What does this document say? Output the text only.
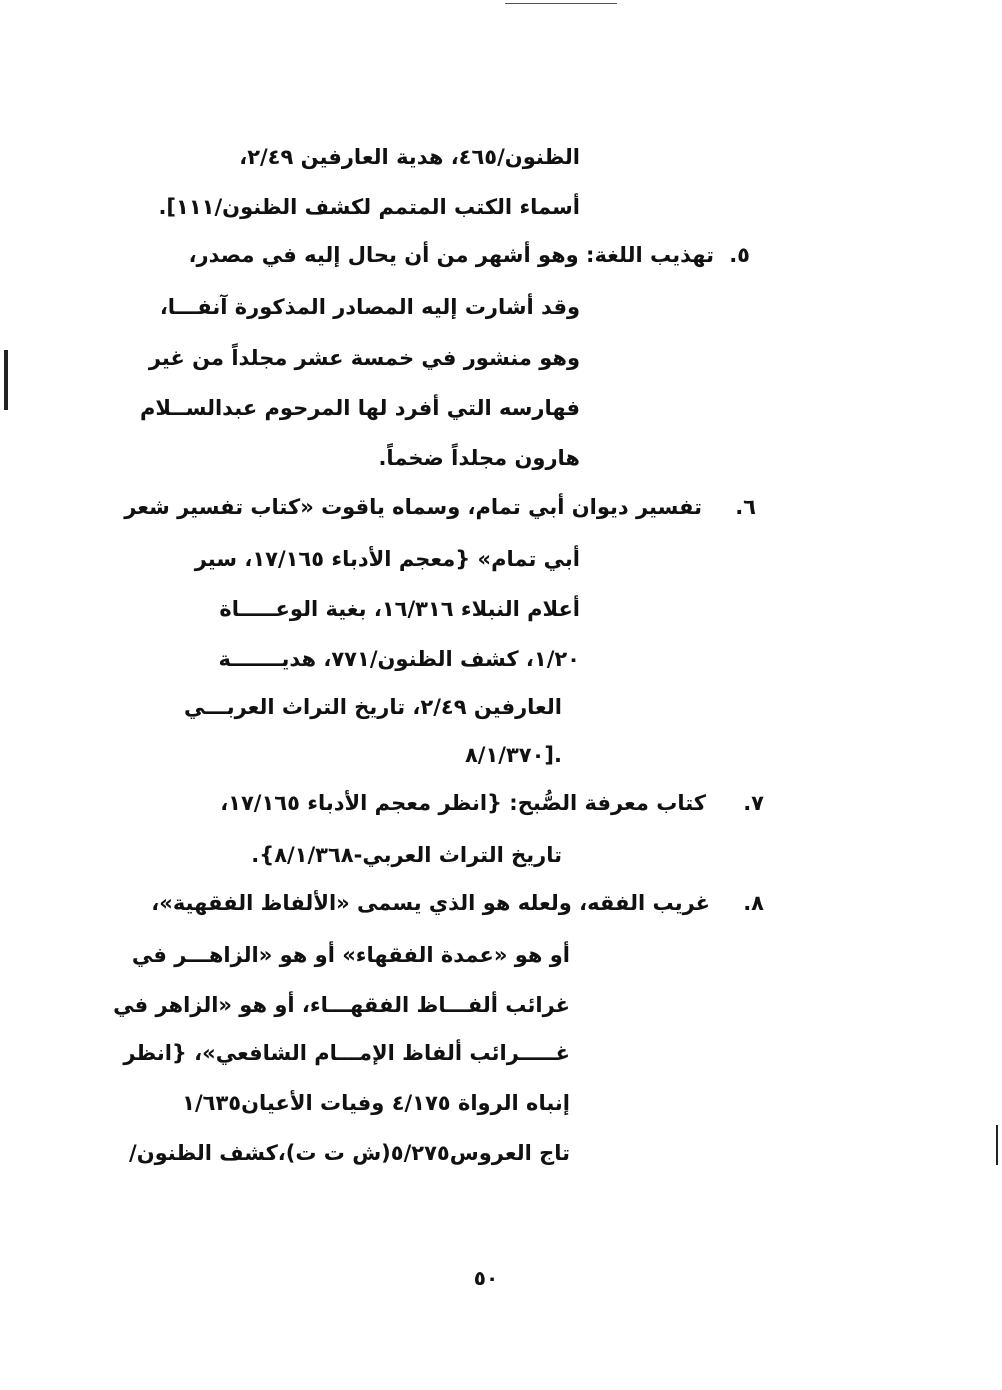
الظنون/٤٦٥، هدية العارفين ٢/٤٩،
أسماء الكتب المتمم لكشف الظنون/١١١].
٥.
تهذيب اللغة: وهو أشهر من أن يحال إليه في مصدر،
وقد أشارت إليه المصادر المذكورة آنفـــا،
وهو منشور في خمسة عشر مجلداً من غير
فهارسه التي أفرد لها المرحوم عبدالســلام
هارون مجلداً ضخماً.
٦.
تفسير ديوان أبي تمام، وسماه ياقوت «كتاب تفسير شعر
أبي تمام» {معجم الأدباء ١٧/١٦٥، سير
أعلام النبلاء ١٦/٣١٦، بغية الوعـــــاة
١/٢٠، كشف الظنون/٧٧١، هديـــــــة
العارفين ٢/٤٩، تاريخ التراث العربـــي
٨/١/٣٧٠].
٧.
كتاب معرفة الصُّبح: {انظر معجم الأدباء ١٧/١٦٥،
تاريخ التراث العربي-٨/١/٣٦٨}.
٨.
غريب الفقه، ولعله هو الذي يسمى «الألفاظ الفقهية»،
أو هو «عمدة الفقهاء» أو هو «الزاهـــر في
غرائب ألفـــاظ الفقهـــاء، أو هو «الزاهر في
غـــــرائب ألفاظ الإمـــام الشافعي»، {انظر
إنباه الرواة ٤/١٧٥ وفيات الأعيان١/٦٣٥
تاج العروس٥/٢٧٥(ش ت ت)،كشف الظنون/
٥٠
